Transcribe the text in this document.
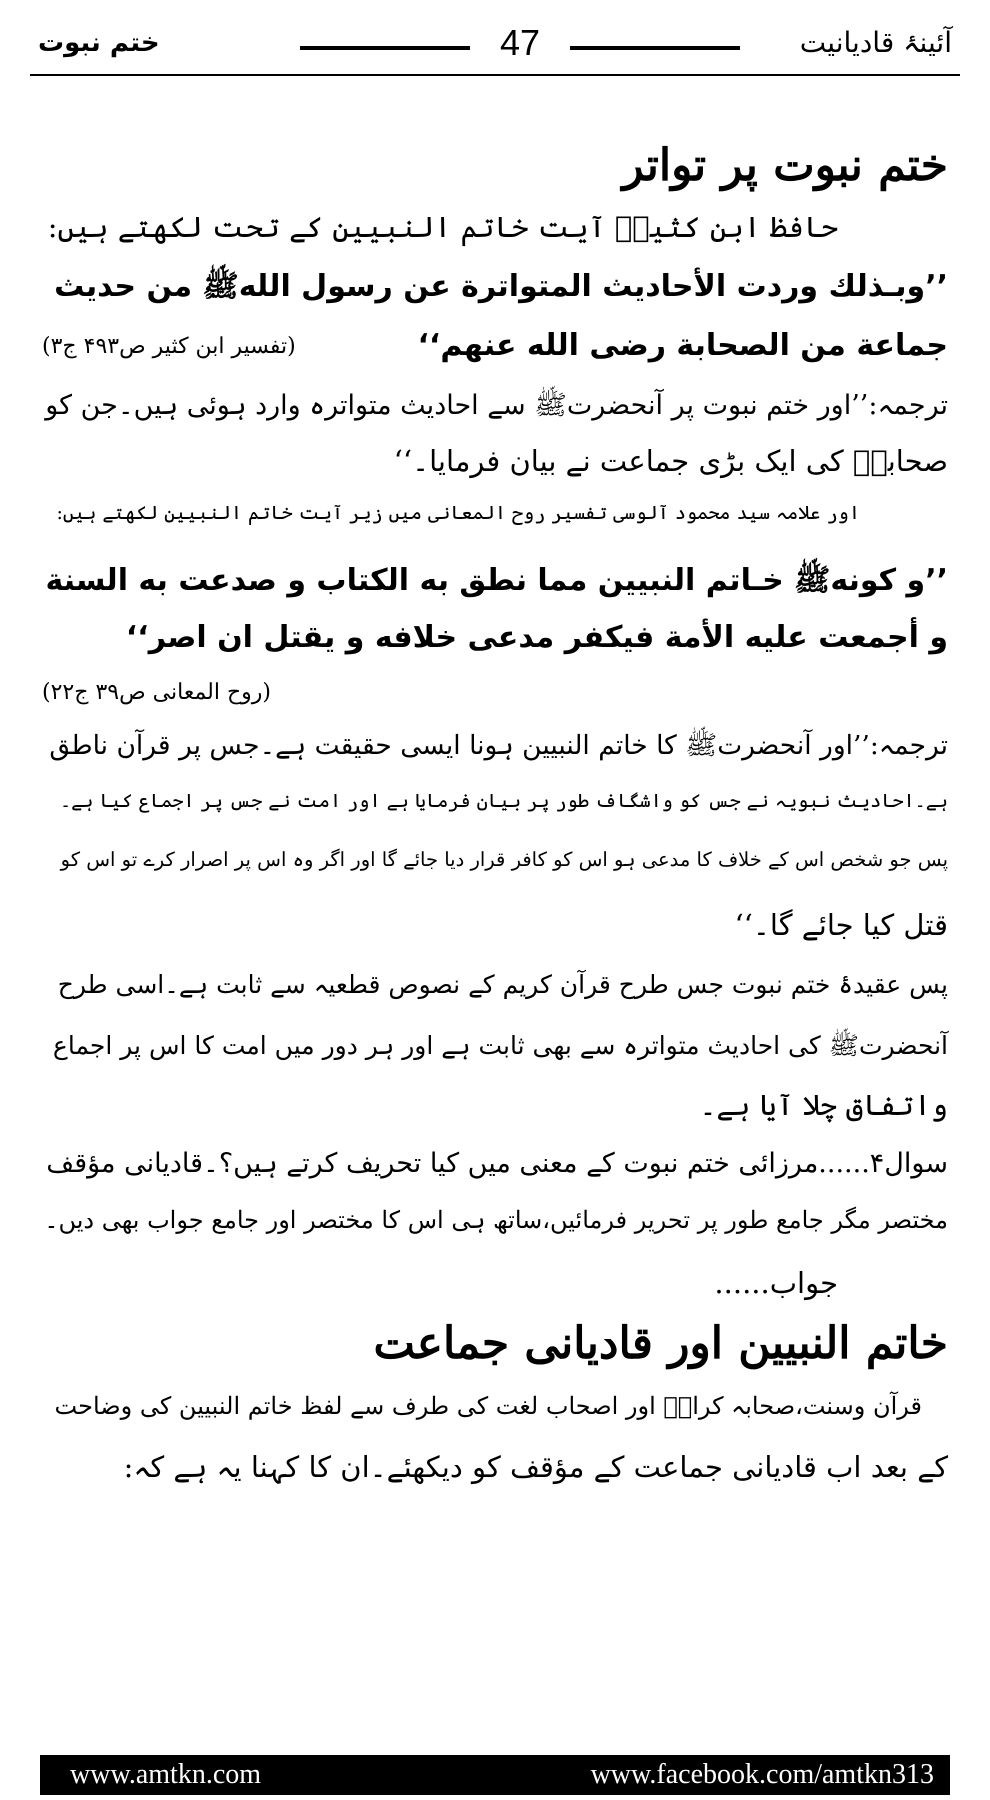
ختم نبوت	47	آئینۂ قادیانیت
ختم نبوت پر تواتر
حافظ ابن کثیرؒ آیت خاتم النبیین کے تحت لکھتے ہیں:
’’وبـذلك وردت الأحاديث المتواترة عن رسول اللهﷺ من حديث
جماعة من الصحابة رضى الله عنهم‘‘
(تفسیر ابن کثیر ص۴۹۳ ج۳)
ترجمہ:’’اور ختم نبوت پر آنحضرتﷺ سے احادیث متواترہ وارد ہوئی ہیں۔جن کو
صحابہؓ کی ایک بڑی جماعت نے بیان فرمایا۔‘‘
اور علامہ سید محمود آلوسی تفسیر روح المعانی میں زیر آیت خاتم النبیین لکھتے ہیں:
’’و كونهﷺ خـاتم النبيين مما نطق به الكتاب و صدعت به السنة
و أجمعت عليه الأمة فيكفر مدعى خلافه و يقتل ان اصر‘‘
(روح المعانی ص۳۹ ج۲۲)
ترجمہ:’’اور آنحضرتﷺ کا خاتم النبیین ہونا ایسی حقیقت ہے۔جس پر قرآن ناطق
ہے۔احادیث نبویہ نے جس کو واشگاف طور پر بیان فرمایا ہے اور امت نے جس پر اجماع کیا ہے۔
پس جو شخص اس کے خلاف کا مدعی ہو اس کو کافر قرار دیا جائے گا اور اگر وہ اس پر اصرار کرے تو اس کو
قتل کیا جائے گا۔‘‘
پس عقیدۂ ختم نبوت جس طرح قرآن کریم کے نصوص قطعیہ سے ثابت ہے۔اسی طرح
آنحضرتﷺ کی احادیث متواترہ سے بھی ثابت ہے اور ہر دور میں امت کا اس پر اجماع
واتفاق چلا آیا ہے۔
سوال۴......مرزائی ختم نبوت کے معنی میں کیا تحریف کرتے ہیں؟۔قادیانی مؤقف
مختصر مگر جامع طور پر تحریر فرمائیں،ساتھ ہی اس کا مختصر اور جامع جواب بھی دیں۔
جواب......
خاتم النبیین اور قادیانی جماعت
قرآن وسنت،صحابہ کرامؓ اور اصحاب لغت کی طرف سے لفظ خاتم النبیین کی وضاحت
کے بعد اب قادیانی جماعت کے مؤقف کو دیکھئے۔ان کا کہنا یہ ہے کہ:
www.amtkn.com	www.facebook.com/amtkn313
